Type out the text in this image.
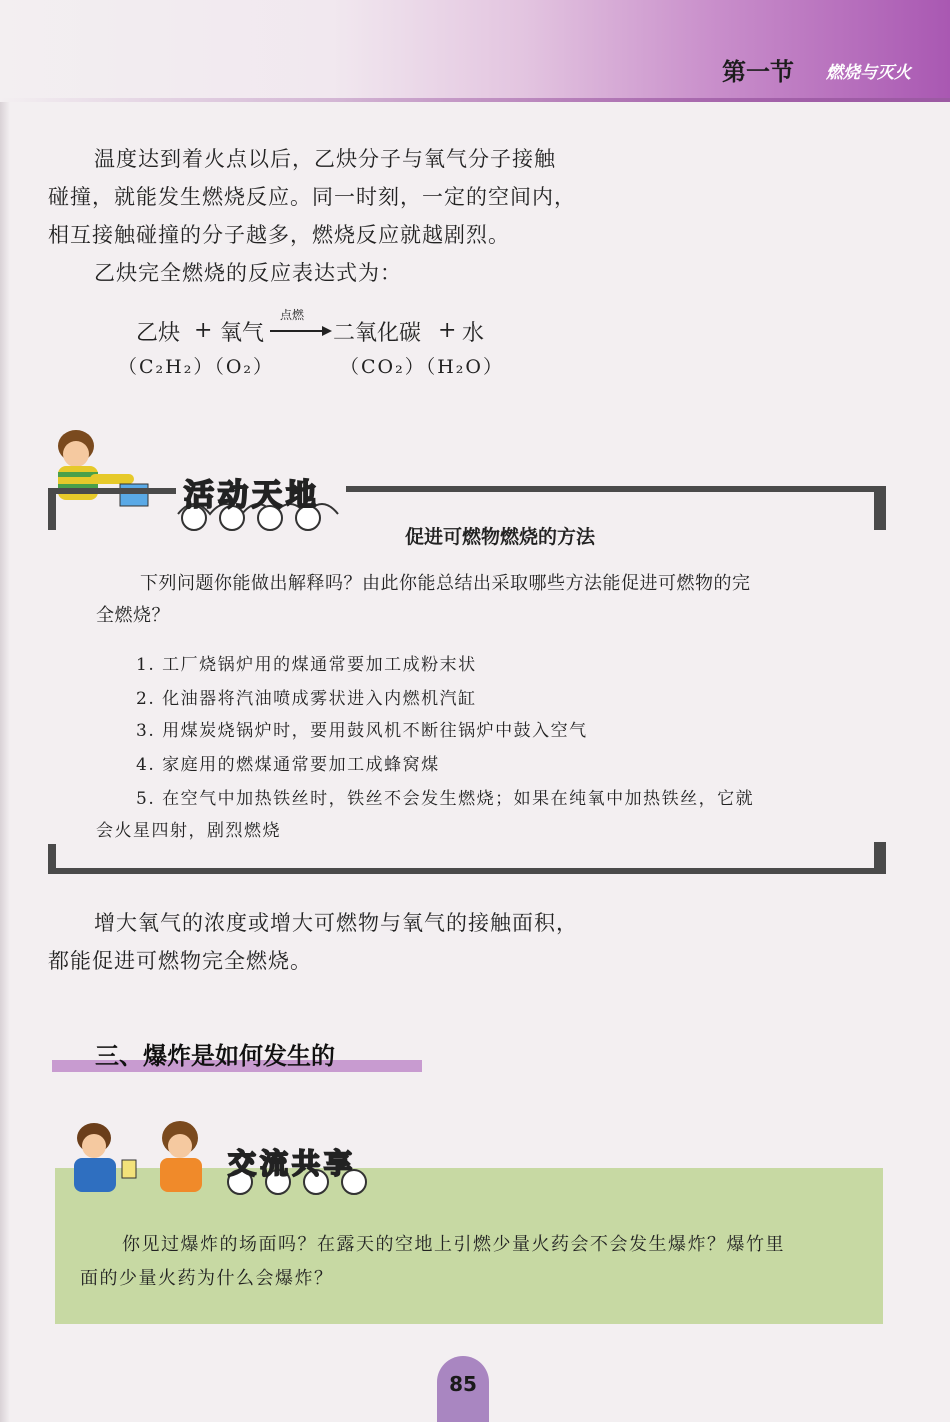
第一节 燃烧与灭火

温度达到着火点以后，乙炔分子与氧气分子接触

碰撞，就能发生燃烧反应。同一时刻，一定的空间内，

相互接触碰撞的分子越多，燃烧反应就越剧烈。

乙炔完全燃烧的反应表达式为：
乙炔 + 氧气
点燃
二氧化碳 + 水
（C₂H₂）（O₂）	（CO₂）（H₂O）
活动天地
促进可燃物燃烧的方法

下列问题你能做出解释吗？由此你能总结出采取哪些方法能促进可燃物的完

全燃烧？

1. 工厂烧锅炉用的煤通常要加工成粉末状
2. 化油器将汽油喷成雾状进入内燃机汽缸
3. 用煤炭烧锅炉时，要用鼓风机不断往锅炉中鼓入空气
4. 家庭用的燃煤通常要加工成蜂窝煤
5. 在空气中加热铁丝时，铁丝不会发生燃烧；如果在纯氧中加热铁丝，它就
会火星四射，剧烈燃烧

增大氧气的浓度或增大可燃物与氧气的接触面积，

都能促进可燃物完全燃烧。

三、爆炸是如何发生的
交流共享
你见过爆炸的场面吗？在露天的空地上引燃少量火药会不会发生爆炸？爆竹里
面的少量火药为什么会爆炸？
85
